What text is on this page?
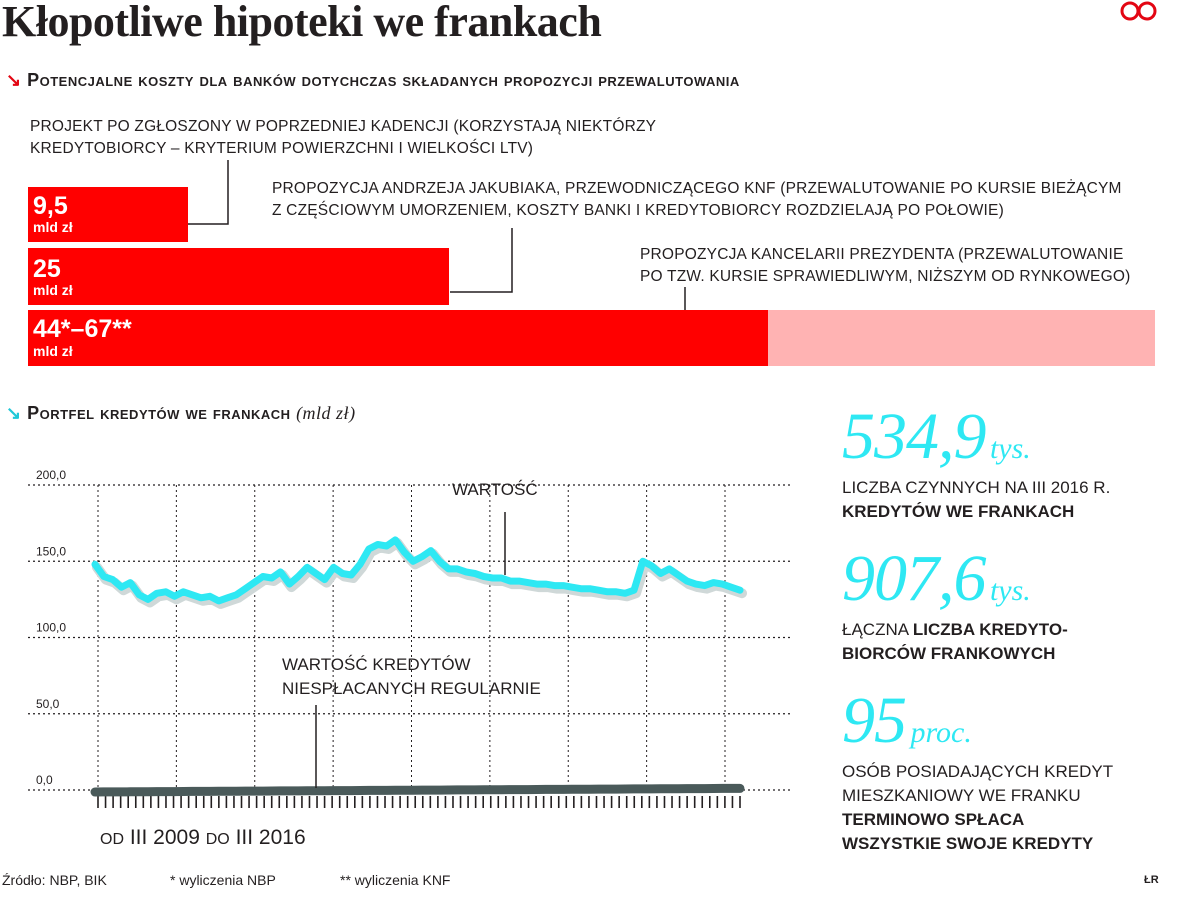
Kłopotliwe hipoteki we frankach
↘ Potencjalne koszty dla banków dotychczas składanych propozycji przewalutowania
PROJEKT PO ZGŁOSZONY W POPRZEDNIEJ KADENCJI (KORZYSTAJĄ NIEKTÓRZY
KREDYTOBIORCY – KRYTERIUM POWIERZCHNI I WIELKOŚCI LTV)
PROPOZYCJA ANDRZEJA JAKUBIAKA, PRZEWODNICZĄCEGO KNF (PRZEWALUTOWANIE PO KURSIE BIEŻĄCYM
Z CZĘŚCIOWYM UMORZENIEM, KOSZTY BANKI I KREDYTOBIORCY ROZDZIELAJĄ PO POŁOWIE)
PROPOZYCJA KANCELARII PREZYDENTA (PRZEWALUTOWANIE
PO TZW. KURSIE SPRAWIEDLIWYM, NIŻSZYM OD RYNKOWEGO)
9,5
mld zł
25
mld zł
44*–67**
mld zł
↘ Portfel kredytów we frankach (mld zł)
200,0
150,0
100,0
50,0
0,0
WARTOŚĆ
WARTOŚĆ KREDYTÓW
NIESPŁACANYCH REGULARNIE
OD III 2009 DO III 2016
534,9 tys.
LICZBA CZYNNYCH NA III 2016 R.
KREDYTÓW WE FRANKACH
907,6 tys.
ŁĄCZNA LICZBA KREDYTO-
BIORCÓW FRANKOWYCH
95 proc.
OSÓB POSIADAJĄCYCH KREDYT
MIESZKANIOWY WE FRANKU
TERMINOWO SPŁACA
WSZYSTKIE SWOJE KREDYTY
Źródło: NBP, BIK	* wyliczenia NBP	** wyliczenia KNF	ŁR
